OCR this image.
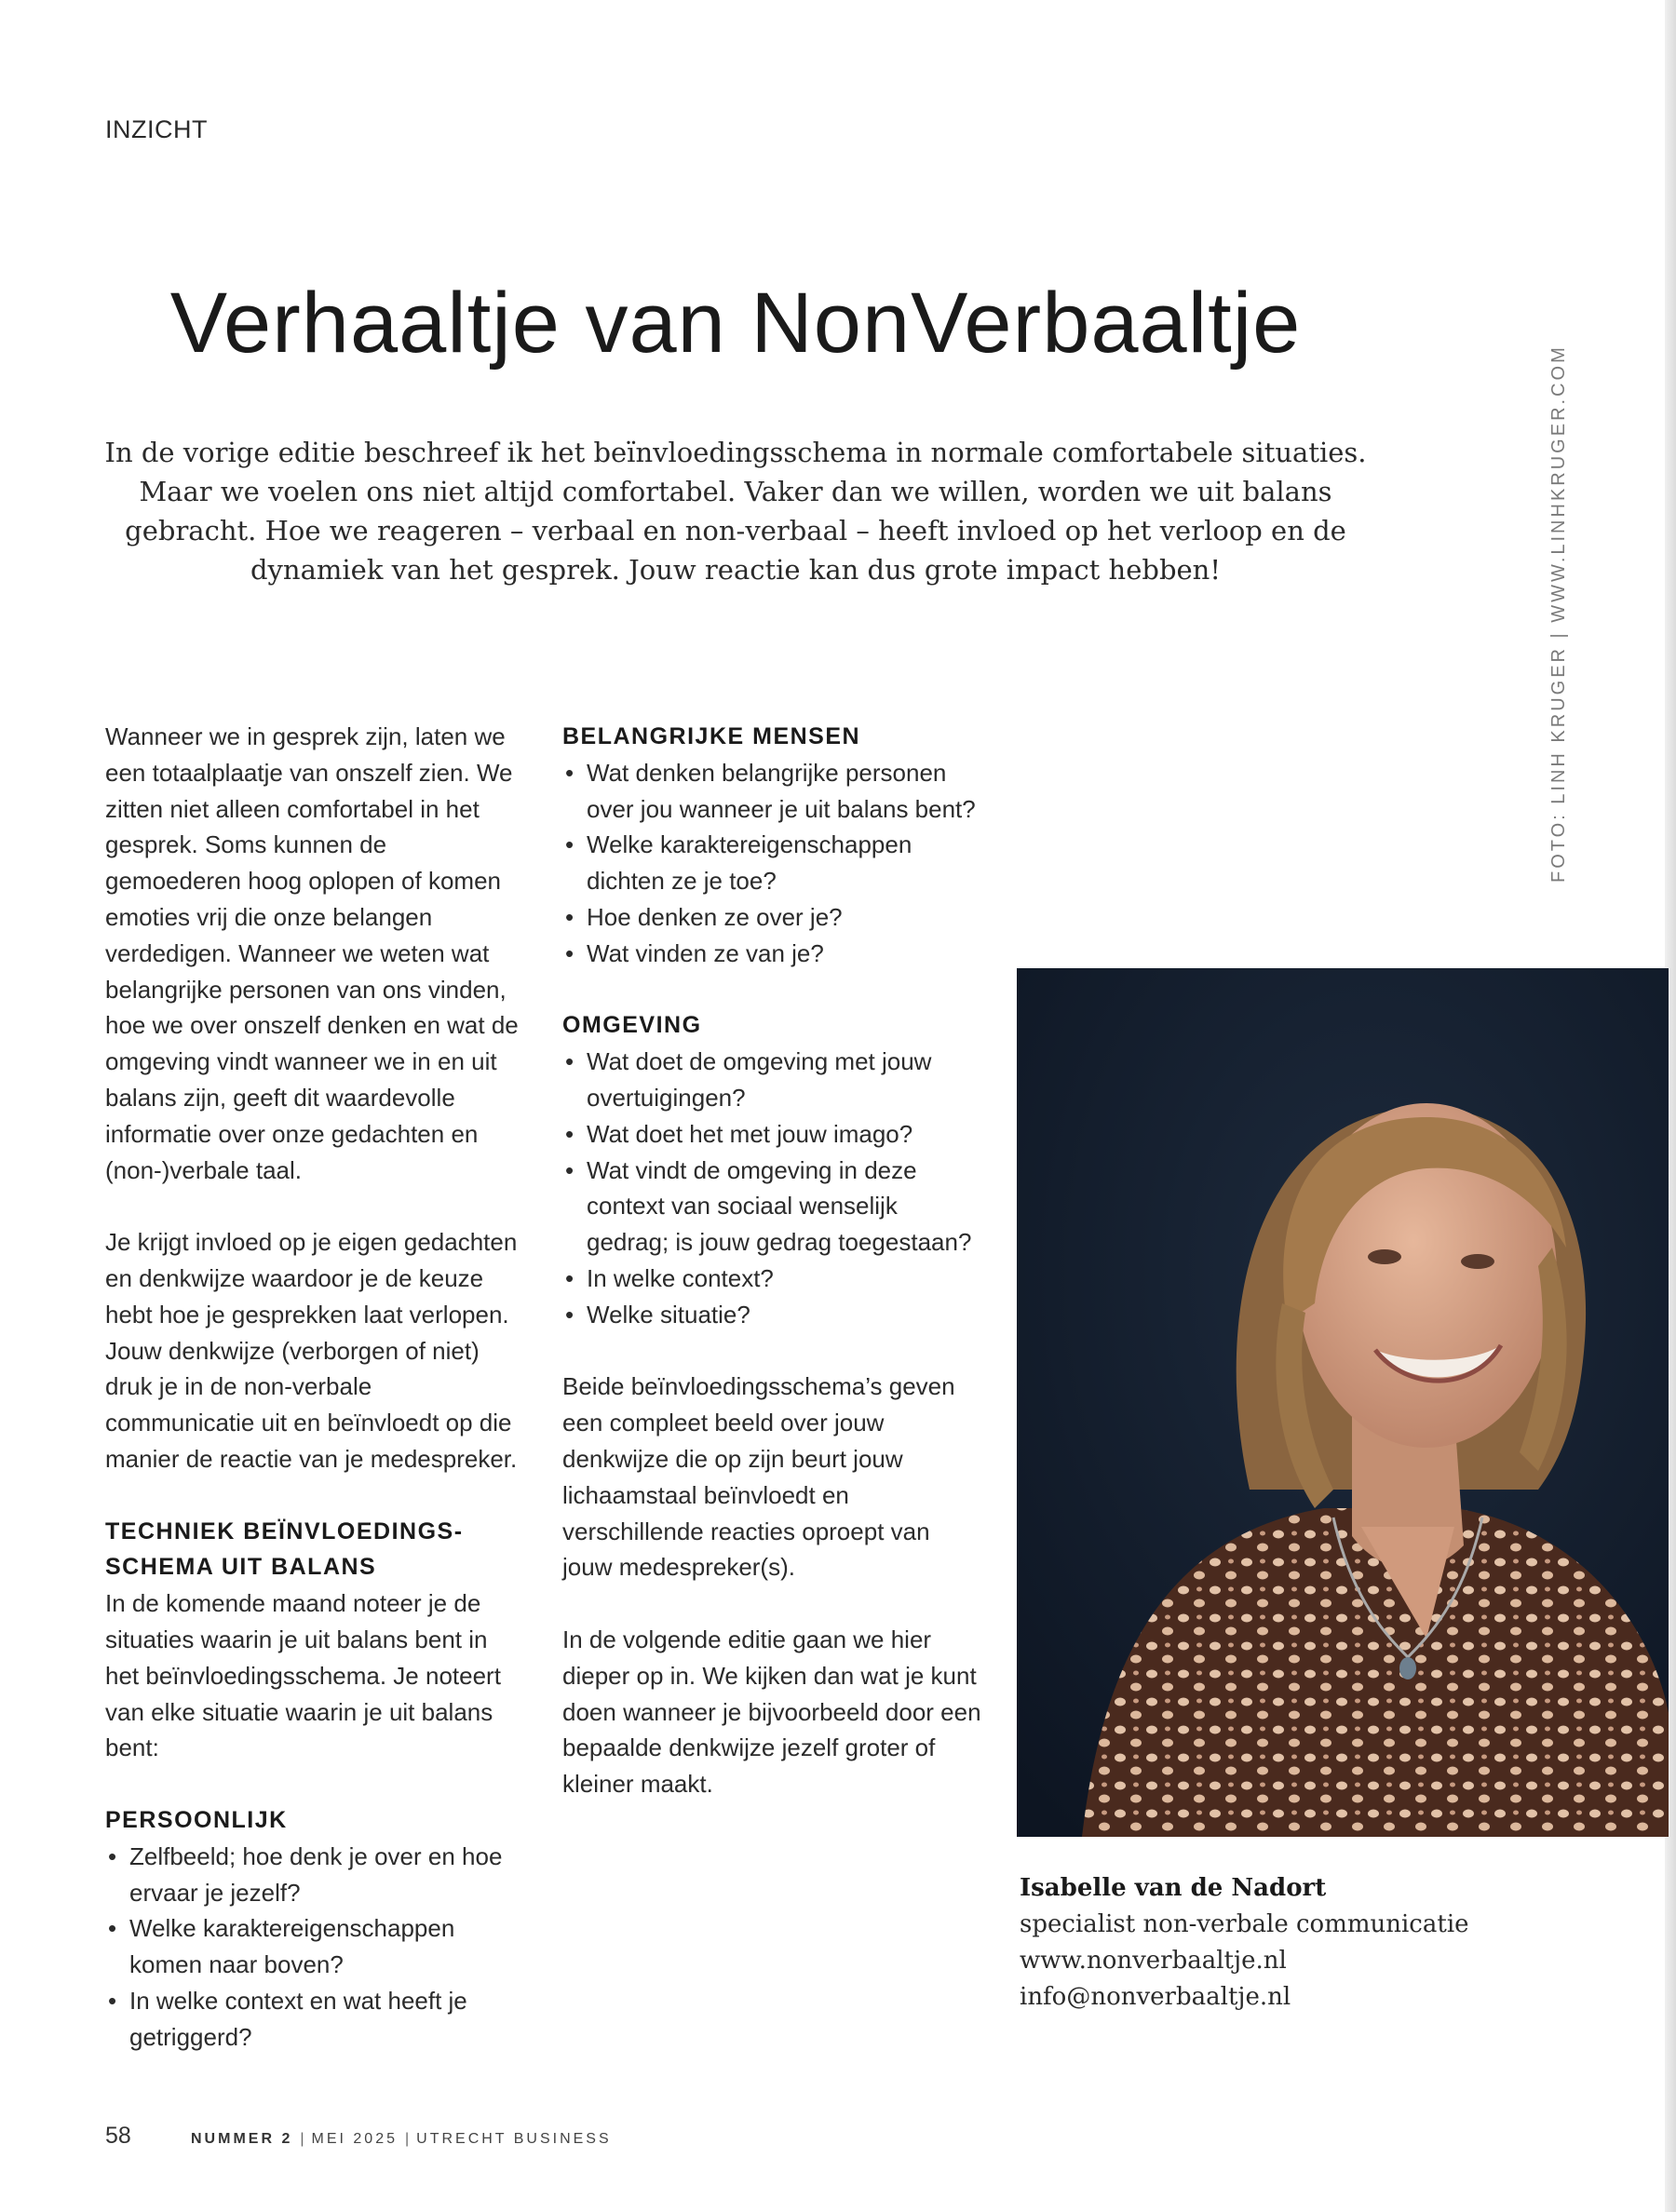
INZICHT
Verhaaltje van NonVerbaaltje

In de vorige editie beschreef ik het beïnvloedingsschema in normale comfortabele situaties. Maar we voelen ons niet altijd comfortabel. Vaker dan we willen, worden we uit balans gebracht. Hoe we reageren – verbaal en non-verbaal – heeft invloed op het verloop en de dynamiek van het gesprek. Jouw reactie kan dus grote impact hebben!	FOTO: LINH KRUGER | WWW.LINHKRUGER.COM

Wanneer we in gesprek zijn, laten we een totaalplaatje van onszelf zien. We zitten niet alleen comfortabel in het gesprek. Soms kunnen de gemoederen hoog oplopen of komen emoties vrij die onze belangen verdedigen. Wanneer we weten wat belangrijke personen van ons vinden, hoe we over onszelf denken en wat de omgeving vindt wanneer we in en uit balans zijn, geeft dit waardevolle informatie over onze gedachten en (non-)verbale taal.

Je krijgt invloed op je eigen gedachten en denkwijze waardoor je de keuze hebt hoe je gesprekken laat verlopen. Jouw denkwijze (verborgen of niet) druk je in de non-verbale communicatie uit en beïnvloedt op die manier de reactie van je medespreker.

TECHNIEK BEÏNVLOEDINGS-SCHEMA UIT BALANS

In de komende maand noteer je de situaties waarin je uit balans bent in het beïnvloedingsschema. Je noteert van elke situatie waarin je uit balans bent:

PERSOONLIJK
• Zelfbeeld; hoe denk je over en hoe ervaar je jezelf?
• Welke karaktereigenschappen komen naar boven?
• In welke context en wat heeft je getriggerd?
BELANGRIJKE MENSEN
• Wat denken belangrijke personen over jou wanneer je uit balans bent?
• Welke karaktereigenschappen dichten ze je toe?
• Hoe denken ze over je?
• Wat vinden ze van je?
OMGEVING
• Wat doet de omgeving met jouw overtuigingen?
• Wat doet het met jouw imago?
• Wat vindt de omgeving in deze context van sociaal wenselijk gedrag; is jouw gedrag toegestaan?
• In welke context?
• Welke situatie?

Beide beïnvloedingsschema’s geven een compleet beeld over jouw denkwijze die op zijn beurt jouw lichaamstaal beïnvloedt en verschillende reacties oproept van jouw medespreker(s).

In de volgende editie gaan we hier dieper op in. We kijken dan wat je kunt doen wanneer je bijvoorbeeld door een bepaalde denkwijze jezelf groter of kleiner maakt.

Isabelle van de Nadort
specialist non-verbale communicatie
www.nonverbaaltje.nl
info@nonverbaaltje.nl
58	NUMMER 2 | MEI 2025 | UTRECHT BUSINESS
